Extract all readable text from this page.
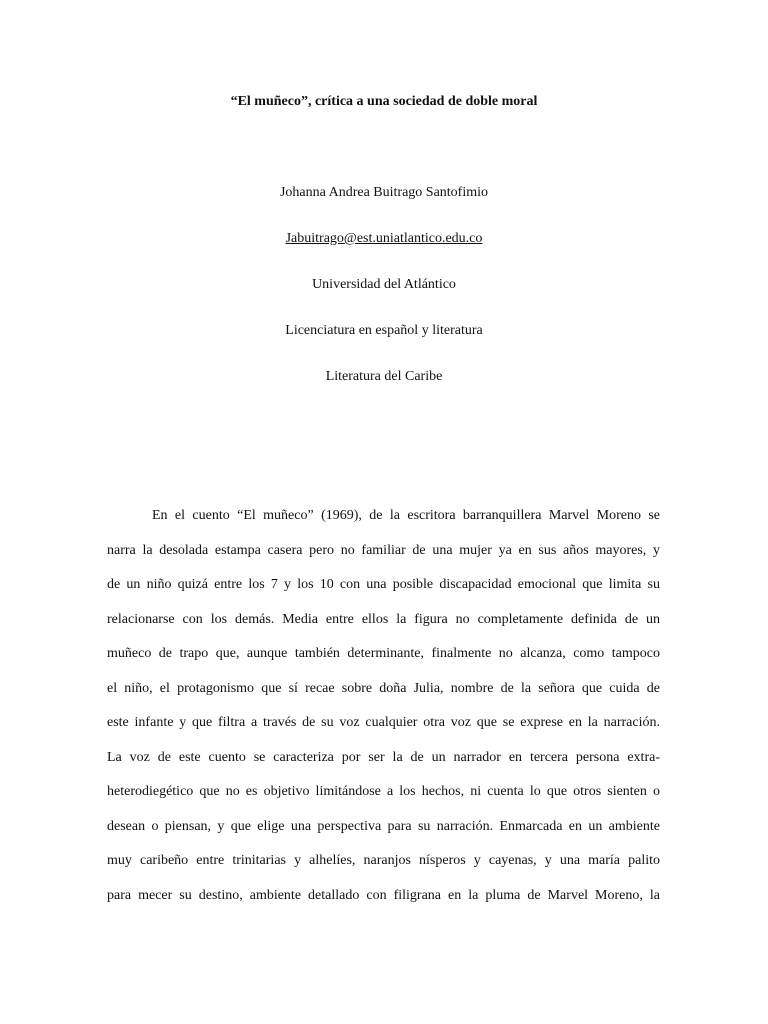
“El muñeco”, crítica a una sociedad de doble moral
Johanna Andrea Buitrago Santofimio
Jabuitrago@est.uniatlantico.edu.co
Universidad del Atlántico
Licenciatura en español y literatura
Literatura del Caribe
En el cuento “El muñeco” (1969), de la escritora barranquillera Marvel Moreno se
narra la desolada estampa casera pero no familiar de una mujer ya en sus años mayores, y
de un niño quizá entre los 7 y los 10 con una posible discapacidad emocional que limita su
relacionarse con los demás. Media entre ellos la figura no completamente definida de un
muñeco de trapo que, aunque también determinante, finalmente no alcanza, como tampoco
el niño, el protagonismo que sí recae sobre doña Julia, nombre de la señora que cuida de
este infante y que filtra a través de su voz cualquier otra voz que se exprese en la narración.
La voz de este cuento se caracteriza por ser la de un narrador en tercera persona extra-
heterodiegético que no es objetivo limitándose a los hechos, ni cuenta lo que otros sienten o
desean o piensan, y que elige una perspectiva para su narración. Enmarcada en un ambiente
muy caribeño entre trinitarias y alhelíes, naranjos nísperos y cayenas, y una maría palito
para mecer su destino, ambiente detallado con filigrana en la pluma de Marvel Moreno, la
